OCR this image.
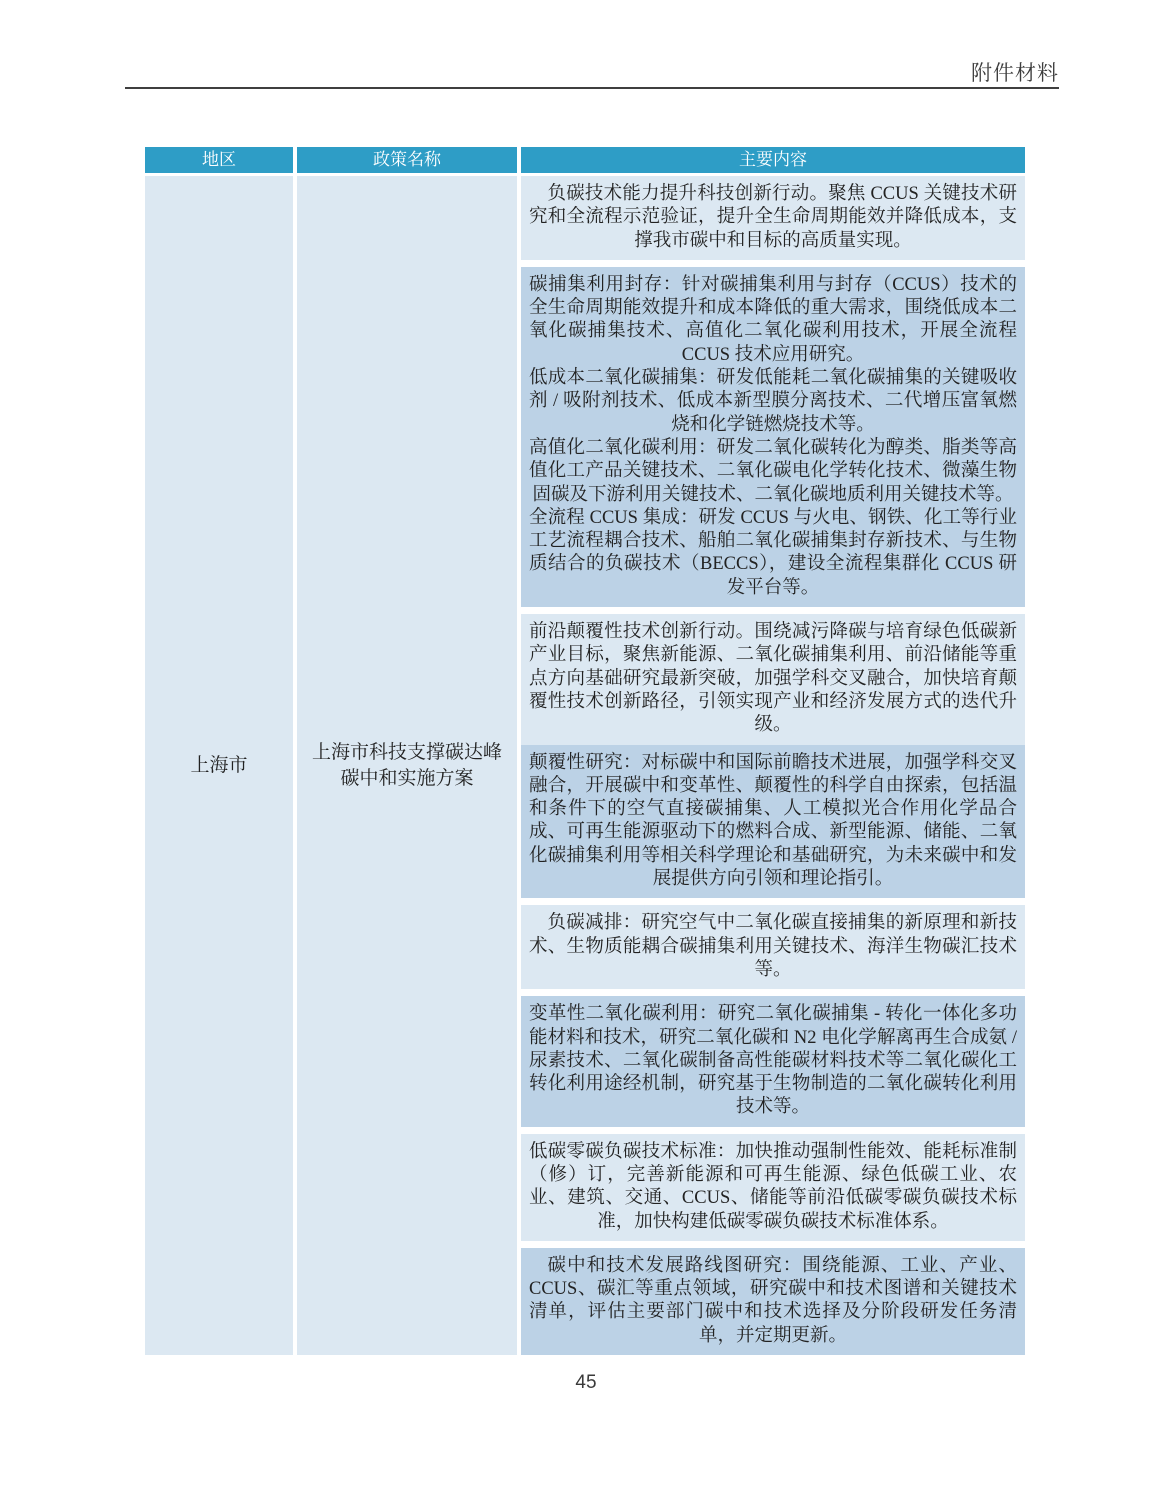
附件材料
地区	政策名称	主要内容
上海市
上海市科技支撑碳达峰碳中和实施方案

负碳技术能力提升科技创新行动。聚焦 CCUS 关键技术研究和全流程示范验证，提升全生命周期能效并降低成本，支撑我市碳中和目标的高质量实现。

碳捕集利用封存：针对碳捕集利用与封存（CCUS）技术的全生命周期能效提升和成本降低的重大需求，围绕低成本二氧化碳捕集技术、高值化二氧化碳利用技术，开展全流程 CCUS 技术应用研究。

低成本二氧化碳捕集：研发低能耗二氧化碳捕集的关键吸收剂 / 吸附剂技术、低成本新型膜分离技术、二代增压富氧燃烧和化学链燃烧技术等。

高值化二氧化碳利用：研发二氧化碳转化为醇类、脂类等高值化工产品关键技术、二氧化碳电化学转化技术、微藻生物固碳及下游利用关键技术、二氧化碳地质利用关键技术等。

全流程 CCUS 集成：研发 CCUS 与火电、钢铁、化工等行业工艺流程耦合技术、船舶二氧化碳捕集封存新技术、与生物质结合的负碳技术（BECCS），建设全流程集群化 CCUS 研发平台等。

前沿颠覆性技术创新行动。围绕减污降碳与培育绿色低碳新产业目标，聚焦新能源、二氧化碳捕集利用、前沿储能等重点方向基础研究最新突破，加强学科交叉融合，加快培育颠覆性技术创新路径，引领实现产业和经济发展方式的迭代升级。

颠覆性研究：对标碳中和国际前瞻技术进展，加强学科交叉融合，开展碳中和变革性、颠覆性的科学自由探索，包括温和条件下的空气直接碳捕集、人工模拟光合作用化学品合成、可再生能源驱动下的燃料合成、新型能源、储能、二氧化碳捕集利用等相关科学理论和基础研究，为未来碳中和发展提供方向引领和理论指引。

负碳减排：研究空气中二氧化碳直接捕集的新原理和新技术、生物质能耦合碳捕集利用关键技术、海洋生物碳汇技术等。

变革性二氧化碳利用：研究二氧化碳捕集 - 转化一体化多功能材料和技术，研究二氧化碳和 N2 电化学解离再生合成氨 / 尿素技术、二氧化碳制备高性能碳材料技术等二氧化碳化工转化利用途经机制，研究基于生物制造的二氧化碳转化利用技术等。

低碳零碳负碳技术标准：加快推动强制性能效、能耗标准制（修）订，完善新能源和可再生能源、绿色低碳工业、农业、建筑、交通、CCUS、储能等前沿低碳零碳负碳技术标准，加快构建低碳零碳负碳技术标准体系。

碳中和技术发展路线图研究：围绕能源、工业、产业、CCUS、碳汇等重点领域，研究碳中和技术图谱和关键技术清单，评估主要部门碳中和技术选择及分阶段研发任务清单，并定期更新。

45
